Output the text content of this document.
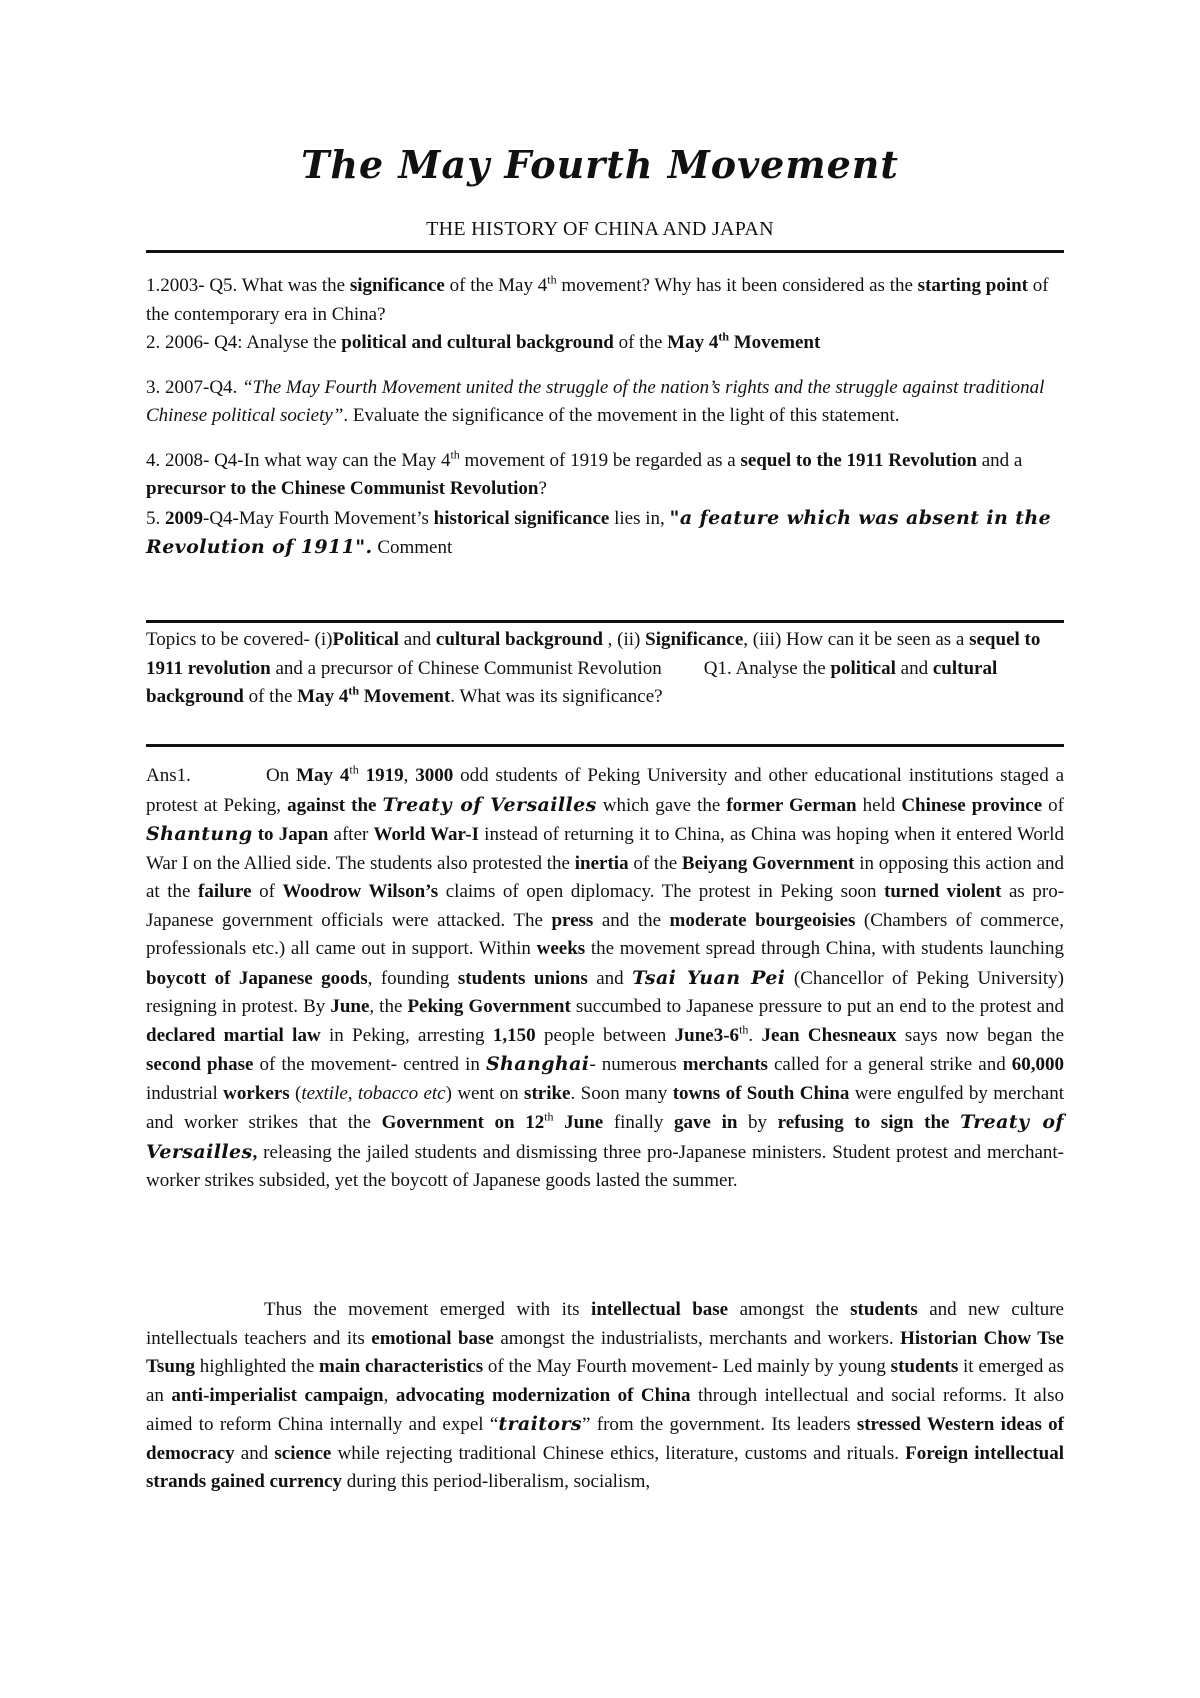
The May Fourth Movement
THE HISTORY OF CHINA AND JAPAN
1.2003- Q5. What was the significance of the May 4th movement? Why has it been considered as the starting point of the contemporary era in China?
2. 2006- Q4: Analyse the political and cultural background of the May 4th Movement
3. 2007-Q4. “The May Fourth Movement united the struggle of the nation’s rights and the struggle against traditional Chinese political society”. Evaluate the significance of the movement in the light of this statement.
4. 2008- Q4-In what way can the May 4th movement of 1919 be regarded as a sequel to the 1911 Revolution and a precursor to the Chinese Communist Revolution?
5. 2009-Q4-May Fourth Movement’s historical significance lies in, "a feature which was absent in the Revolution of 1911". Comment
Topics to be covered- (i)Political and cultural background , (ii) Significance, (iii) How can it be seen as a sequel to 1911 revolution and a precursor of Chinese Communist Revolution Q1. Analyse the political and cultural background of the May 4th Movement. What was its significance?
Ans1.	On May 4th 1919, 3000 odd students of Peking University and other educational institutions staged a protest at Peking, against the Treaty of Versailles which gave the former German held Chinese province of Shantung to Japan after World War-I instead of returning it to China, as China was hoping when it entered World War I on the Allied side. The students also protested the inertia of the Beiyang Government in opposing this action and at the failure of Woodrow Wilson’s claims of open diplomacy. The protest in Peking soon turned violent as pro-Japanese government officials were attacked. The press and the moderate bourgeoisies (Chambers of commerce, professionals etc.) all came out in support. Within weeks the movement spread through China, with students launching boycott of Japanese goods, founding students unions and Tsai Yuan Pei (Chancellor of Peking University) resigning in protest. By June, the Peking Government succumbed to Japanese pressure to put an end to the protest and declared martial law in Peking, arresting 1,150 people between June3-6th. Jean Chesneaux says now began the second phase of the movement- centred in Shanghai- numerous merchants called for a general strike and 60,000 industrial workers (textile, tobacco etc) went on strike. Soon many towns of South China were engulfed by merchant and worker strikes that the Government on 12th June finally gave in by refusing to sign the Treaty of Versailles, releasing the jailed students and dismissing three pro-Japanese ministers. Student protest and merchant-worker strikes subsided, yet the boycott of Japanese goods lasted the summer.
Thus the movement emerged with its intellectual base amongst the students and new culture intellectuals teachers and its emotional base amongst the industrialists, merchants and workers. Historian Chow Tse Tsung highlighted the main characteristics of the May Fourth movement- Led mainly by young students it emerged as an anti-imperialist campaign, advocating modernization of China through intellectual and social reforms. It also aimed to reform China internally and expel “traitors” from the government. Its leaders stressed Western ideas of democracy and science while rejecting traditional Chinese ethics, literature, customs and rituals. Foreign intellectual strands gained currency during this period-liberalism, socialism,
